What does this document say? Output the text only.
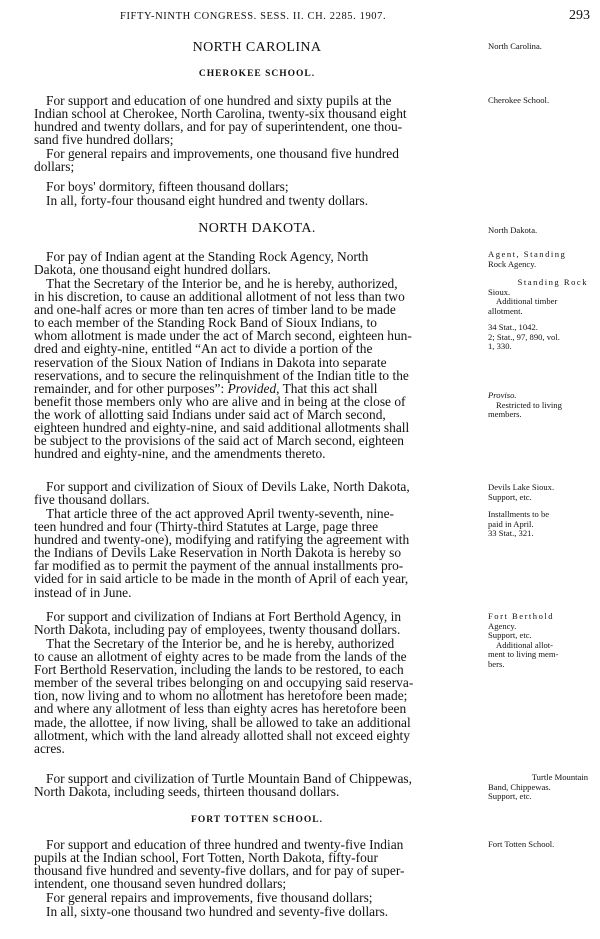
FIFTY-NINTH CONGRESS. SESS. II. CH. 2285. 1907.	293
NORTH CAROLINA
CHEROKEE SCHOOL.
For support and education of one hundred and sixty pupils at the
Indian school at Cherokee, North Carolina, twenty-six thousand eight
hundred and twenty dollars, and for pay of superintendent, one thou-
sand five hundred dollars;
For general repairs and improvements, one thousand five hundred
dollars;
For boys' dormitory, fifteen thousand dollars;
In all, forty-four thousand eight hundred and twenty dollars.
NORTH DAKOTA.
For pay of Indian agent at the Standing Rock Agency, North
Dakota, one thousand eight hundred dollars.
That the Secretary of the Interior be, and he is hereby, authorized,
in his discretion, to cause an additional allotment of not less than two
and one-half acres or more than ten acres of timber land to be made
to each member of the Standing Rock Band of Sioux Indians, to
whom allotment is made under the act of March second, eighteen hun-
dred and eighty-nine, entitled “An act to divide a portion of the
reservation of the Sioux Nation of Indians in Dakota into separate
reservations, and to secure the relinquishment of the Indian title to the
remainder, and for other purposes”: Provided, That this act shall
benefit those members only who are alive and in being at the close of
the work of allotting said Indians under said act of March second,
eighteen hundred and eighty-nine, and said additional allotments shall
be subject to the provisions of the said act of March second, eighteen
hundred and eighty-nine, and the amendments thereto.
For support and civilization of Sioux of Devils Lake, North Dakota,
five thousand dollars.
That article three of the act approved April twenty-seventh, nine-
teen hundred and four (Thirty-third Statutes at Large, page three
hundred and twenty-one), modifying and ratifying the agreement with
the Indians of Devils Lake Reservation in North Dakota is hereby so
far modified as to permit the payment of the annual installments pro-
vided for in said article to be made in the month of April of each year,
instead of in June.
For support and civilization of Indians at Fort Berthold Agency, in
North Dakota, including pay of employees, twenty thousand dollars.
That the Secretary of the Interior be, and he is hereby, authorized
to cause an allotment of eighty acres to be made from the lands of the
Fort Berthold Reservation, including the lands to be restored, to each
member of the several tribes belonging on and occupying said reserva-
tion, now living and to whom no allotment has heretofore been made;
and where any allotment of less than eighty acres has heretofore been
made, the allottee, if now living, shall be allowed to take an additional
allotment, which with the land already allotted shall not exceed eighty
acres.
For support and civilization of Turtle Mountain Band of Chippewas,
North Dakota, including seeds, thirteen thousand dollars.
FORT TOTTEN SCHOOL.
For support and education of three hundred and twenty-five Indian
pupils at the Indian school, Fort Totten, North Dakota, fifty-four
thousand five hundred and seventy-five dollars, and for pay of super-
intendent, one thousand seven hundred dollars;
For general repairs and improvements, five thousand dollars;
In all, sixty-one thousand two hundred and seventy-five dollars.
North Carolina.
Cherokee School.
North Dakota.
Agent, Standing
Rock Agency.
Standing Rock
Sioux.
Additional timber
allotment.
34 Stat., 1042.
2; Stat., 97, 890, vol.
1, 330.
Proviso.
Restricted to living
members.
Devils Lake Sioux.
Support, etc.
Installments to be
paid in April.
33 Stat., 321.
Fort Berthold
Agency.
Support, etc.
Additional allot-
ment to living mem-
bers.
Turtle Mountain
Band, Chippewas.
Support, etc.
Fort Totten School.
